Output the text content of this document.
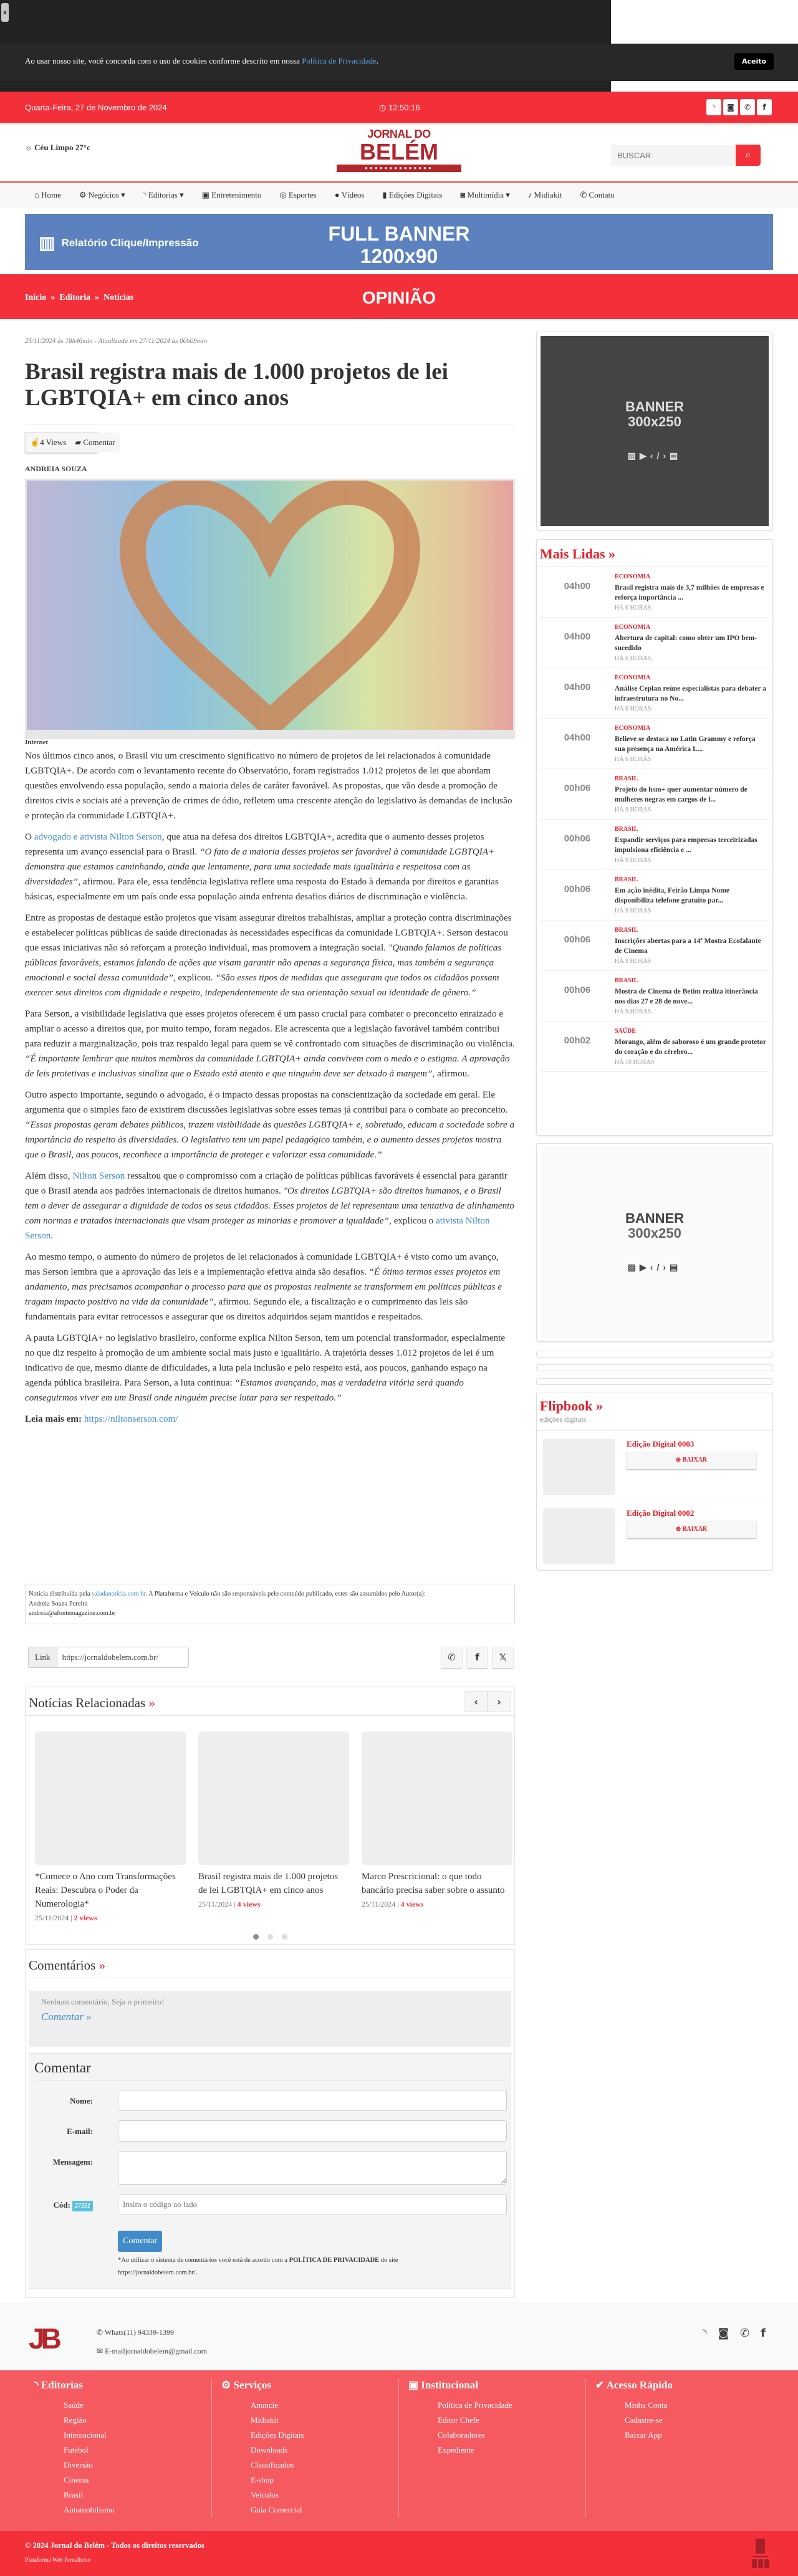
x
Ao usar nosso site, você concorda com o uso de cookies conforme descrito em nossa Política de Privacidade.	Aceito
Quarta-Feira, 27 de Novembro de 2024	◷ 12:50:16	◝	◙	✆	f
☼ Céu Limpo 27°c
JORNAL DO
BELÉM
●●●●●●●●●●●●●●
BUSCAR
⌕
⌂ Home	⚙ Negócios ▾	◝ Editorias ▾	▣ Entretenimento	◎ Esportes	● Vídeos	▮ Edições Digitais	◙ Multimídia ▾	♪ Midiakit	✆ Contato
▥ Relatório Clique/Impressão	FULL BANNER
1200x90
Início  »  Editoria  »  Notícias	OPINIÃO
25/11/2024 às 18h46min - Atualizada em 27/11/2024 às 00h09min
Brasil registra mais de 1.000 projetos de lei LGBTQIA+ em cinco anos
☝4 Views	▰ Comentar
ANDREIA SOUZA
Internet

Nos últimos cinco anos, o Brasil viu um crescimento significativo no número de projetos de lei relacionados à comunidade LGBTQIA+. De acordo com o levantamento recente do Observatório, foram registrados 1.012 projetos de lei que abordam questões envolvendo essa população, sendo a maioria deles de caráter favorável. As propostas, que vão desde a promoção de direitos civis e sociais até a prevenção de crimes de ódio, refletem uma crescente atenção do legislativo às demandas de inclusão e proteção da comunidade LGBTQIA+.

O advogado e ativista Nilton Serson, que atua na defesa dos direitos LGBTQIA+, acredita que o aumento desses projetos representa um avanço essencial para o Brasil. “O fato de a maioria desses projetos ser favorável à comunidade LGBTQIA+ demonstra que estamos caminhando, ainda que lentamente, para uma sociedade mais igualitária e respeitosa com as diversidades”, afirmou. Para ele, essa tendência legislativa reflete uma resposta do Estado à demanda por direitos e garantias básicas, especialmente em um país onde essa população ainda enfrenta desafios diários de discriminação e violência.

Entre as propostas de destaque estão projetos que visam assegurar direitos trabalhistas, ampliar a proteção contra discriminações e estabelecer políticas públicas de saúde direcionadas às necessidades específicas da comunidade LGBTQIA+. Serson destacou que essas iniciativas não só reforçam a proteção individual, mas promovem a integração social. "Quando falamos de políticas públicas favoráveis, estamos falando de ações que visam garantir não apenas a segurança física, mas também a segurança emocional e social dessa comunidade”, explicou. “São esses tipos de medidas que asseguram que todos os cidadãos possam exercer seus direitos com dignidade e respeito, independentemente de sua orientação sexual ou identidade de gênero.”

Para Serson, a visibilidade legislativa que esses projetos oferecem é um passo crucial para combater o preconceito enraizado e ampliar o acesso a direitos que, por muito tempo, foram negados. Ele acrescenta que a legislação favorável também contribui para reduzir a marginalização, pois traz respaldo legal para quem se vê confrontado com situações de discriminação ou violência. “É importante lembrar que muitos membros da comunidade LGBTQIA+ ainda convivem com o medo e o estigma. A aprovação de leis protetivas e inclusivas sinaliza que o Estado está atento e que ninguém deve ser deixado à margem”, afirmou.

Outro aspecto importante, segundo o advogado, é o impacto dessas propostas na conscientização da sociedade em geral. Ele argumenta que o simples fato de existirem discussões legislativas sobre esses temas já contribui para o combate ao preconceito. “Essas propostas geram debates públicos, trazem visibilidade às questões LGBTQIA+ e, sobretudo, educam a sociedade sobre a importância do respeito às diversidades. O legislativo tem um papel pedagógico também, e o aumento desses projetos mostra que o Brasil, aos poucos, reconhece a importância de proteger e valorizar essa comunidade.”

Além disso, Nilton Serson ressaltou que o compromisso com a criação de políticas públicas favoráveis é essencial para garantir que o Brasil atenda aos padrões internacionais de direitos humanos. "Os direitos LGBTQIA+ são direitos humanos, e o Brasil tem o dever de assegurar a dignidade de todos os seus cidadãos. Esses projetos de lei representam uma tentativa de alinhamento com normas e tratados internacionais que visam proteger as minorias e promover a igualdade”, explicou o ativista Nilton Serson.

Ao mesmo tempo, o aumento do número de projetos de lei relacionados à comunidade LGBTQIA+ é visto como um avanço, mas Serson lembra que a aprovação das leis e a implementação efetiva ainda são desafios. “É ótimo termos esses projetos em andamento, mas precisamos acompanhar o processo para que as propostas realmente se transformem em políticas públicas e tragam impacto positivo na vida da comunidade”, afirmou. Segundo ele, a fiscalização e o cumprimento das leis são fundamentais para evitar retrocessos e assegurar que os direitos adquiridos sejam mantidos e respeitados.

A pauta LGBTQIA+ no legislativo brasileiro, conforme explica Nilton Serson, tem um potencial transformador, especialmente no que diz respeito à promoção de um ambiente social mais justo e igualitário. A trajetória desses 1.012 projetos de lei é um indicativo de que, mesmo diante de dificuldades, a luta pela inclusão e pelo respeito está, aos poucos, ganhando espaço na agenda pública brasileira. Para Serson, a luta continua: “Estamos avançando, mas a verdadeira vitória será quando conseguirmos viver em um Brasil onde ninguém precise lutar para ser respeitado.”

Leia mais em: https://niltonserson.com/

Notícia distribuída pela saladanoticia.com.br. A Plataforma e Veículo não são responsáveis pelo conteúdo publicado, estes são assumidos pelo Autor(a):
Andreia Souza Pereira
andreia@afontemagazine.com.br
Link
https://jornaldobelem.com.br/	✆	f	𝕏
Notícias Relacionadas »	‹	›
*Comece o Ano com Transformações Reais: Descubra o Poder da Numerologia*
25/11/2024 | 2 views
Brasil registra mais de 1.000 projetos de lei LGBTQIA+ em cinco anos
25/11/2024 | 4 views
Marco Prescricional: o que todo bancário precisa saber sobre o assunto
25/11/2024 | 4 views
Comentários »
Nenhum comentário, Seja o primeiro!
Comentar »
Comentar
Nome:
E-mail:
Mensagem:
Cód: 27351
Insira o código ao lado
Comentar
*Ao utilizar o sistema de comentários você está de acordo com a POLÍTICA DE PRIVACIDADE do site https://jornaldobelem.com.br/.
BANNER
300x250
▨▶‹/›▤
Mais Lidas »
04h00
ECONOMIA
Brasil registra mais de 3,7 milhões de empresas e reforça importância ...
HÁ 6 HORAS
04h00
ECONOMIA
Abertura de capital: como obter um IPO bem-sucedido
HÁ 6 HORAS
04h00
ECONOMIA
Análise Ceplan reúne especialistas para debater a infraestrutura no No...
HÁ 6 HORAS
04h00
ECONOMIA
Believe se destaca no Latin Grammy e reforça sua presença na América L...
HÁ 6 HORAS
00h06
BRASIL
Projeto do hsm+ quer aumentar número de mulheres negras em cargos de l...
HÁ 9 HORAS
00h06
BRASIL
Expandir serviços para empresas terceirizadas impulsiona eficiência e ...
HÁ 9 HORAS
00h06
BRASIL
Em ação inédita, Feirão Limpa Nome disponibiliza telefone gratuito par...
HÁ 9 HORAS
00h06
BRASIL
Inscrições abertas para a 14ª Mostra Ecofalante de Cinema
HÁ 9 HORAS
00h06
BRASIL
Mostra de Cinema de Betim realiza itinerância nos dias 27 e 28 de nove...
HÁ 9 HORAS
00h02
SAÚDE
Morango, além de saboroso é um grande protetor do coração e do cérebro...
HÁ 10 HORAS
BANNER
300x250
▨▶‹/›▤
Flipbook »
edições digitais
Edição Digital 0003
⊕ BAIXAR
Edição Digital 0002
⊕ BAIXAR
JB	✆ Whats(11) 94339-1399
✉ E-mailjornaldobelem@gmail.com
◝ ◙ ✆ f
◝ Editorias
Saúde
Região
Internacional
Futebol
Diversão
Cinema
Brasil
Automobilismo
⚙ Serviços
Anuncie
Midiakit
Edições Digitais
Downloads
Classificados
E-shop
Veículos
Guia Comercial
▣ Institucional
Política de Privacidade
Editor Chefe
Colaboradores
Expediente
✔ Acesso Rápido
Minha Conta
Cadastre-se
Baixar App
© 2024 Jornal do Belém - Todos os direitos reservados
Plataforma Web Jornalismo
